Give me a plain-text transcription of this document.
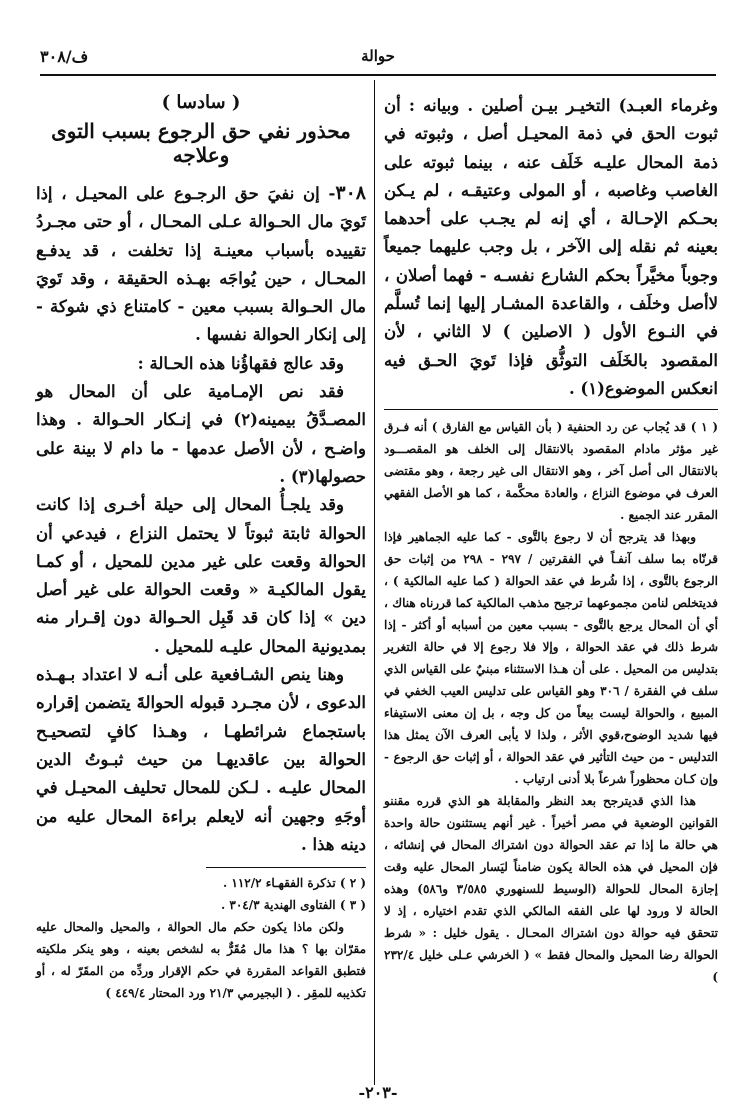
ف/٣٠٨	حوالة

وغرماء العبـد) التخيـر بيـن أصلين . وبيانه : أن ثبوت الحق في ذمة المحيـل أصل ، وثبوته في ذمة المحال عليـه خَلَف عنه ، بينما ثبوته على الغاصب وغاصبه ، أو المولى وعتيقـه ، لم يـكن بحـكم الإحـالة ، أي إنه لم يجـب على أحدهما بعينه ثم نقله إلى الآخر ، بل وجب عليهما جميعاً وجوباً مخيَّراً بحكم الشارع نفسـه - فهما أصلان ، لاأصل وخلَف ، والقاعدة المشـار إليها إنما تُسلَّم في النـوع الأول ( الاصلين ) لا الثاني ، لأن المقصود بالخَلَف التوثُّق فإذا تَويَ الحـق فيه انعكس الموضوع(١) .

( ١ ) قد يُجاب عن رد الحنفية ( بأن القياس مع الفارق ) أنه فـرق غير مؤثر مادام المقصود بالانتقال إلى الخلف هو المقصـــود بالانتقال الى أصل آخر ، وهو الانتقال الى غير رجعة ، وهو مقتضى العرف في موضوع النزاع ، والعادة محكَّمة ، كما هو الأصل الفقهي المقرر عند الجميع .

وبهذا قد يترجح أن لا رجوع بالتَّوى - كما عليه الجماهير فإذا قرنّاه بما سلف آنفـاً في الفقرتين / ٢٩٧ - ٢٩٨ من إثبات حق الرجوع بالتَّوى ، إذا شُرط في عقد الحوالة ( كما عليه المالكية ) ، فديتخلص لنامن مجموعهما ترجيح مذهب المالكية كما قررناه هناك ، أي أن المحال يرجع بالتَّوى - بسبب معين من أسبابه أو أكثر - إذا شرط ذلك في عقد الحوالة ، وإلا فلا رجوع إلا في حالة التغرير بتدليس من المحيل . على أن هـذا الاستثناء مبنيٌ على القياس الذي سلف في الفقرة / ٣٠٦ وهو القياس على تدليس العيب الخفي في المبيع ، والحوالة ليست بيعاً من كل وجه ، بل إن معنى الاستيفاء فيها شديد الوضوح،قوي الأثر ، ولذا لا يأبى العرف الآن يمثل هذا التدليس - من حيث التأثير في عقد الحوالة ، أو إثبات حق الرجوع - وإن كـان محظوراً شرعاً بلا أدنى ارتياب .

هذا الذي قديترجح بعد النظر والمقابلة هو الذي قرره مقننو القوانين الوضعية في مصر أخيراً . غير أنهم يستثنون حالة واحدة هي حالة ما إذا تم عقد الحوالة دون اشتراك المحال في إنشائه ، فإن المحيل في هذه الحالة يكون ضامناً ليَسار المحال عليه وقت إجازة المحال للحوالة (الوسيط للسنهوري ٣/٥٨٥ و٥٨٦) وهذه الحالة لا ورود لها على الفقه المالكي الذي تقدم اختياره ، إذ لا تتحقق فيه حوالة دون اشتراك المحـال . يقول خليل : « شرط الحوالة رضا المحيل والمحال فقط » ( الخرشي عـلى خليل ٢٣٢/٤ )

( سادسا )
محذور نفي حق الرجوع بسبب التوى وعلاجه

٣٠٨- إن نفيَ حق الرجـوع على المحيـل ، إذا تَويَ مال الحـوالة عـلى المحـال ، أو حتى مجـردُ تقييده بأسباب معينـة إذا تخلفت ، قد يدفـع المحـال ، حين يُواجَه بهـذه الحقيقة ، وقد تَويَ مال الحـوالة بسبب معين - كامتناع ذي شوكة - إلى إنكار الحوالة نفسها .

وقد عالج فقهاؤُنا هذه الحـالة :

فقد نص الإمـامية على أن المحال هو المصـدَّقُ بيمينه(٢) في إنـكار الحـوالة . وهذا واضـح ، لأن الأصل عدمها - ما دام لا بينة على حصولها(٣) .

وقد يلجـأُ المحال إلى حيلة أخـرى إذا كانت الحوالة ثابتة ثبوتاً لا يحتمل النزاع ، فيدعي أن الحوالة وقعت على غير مدين للمحيل ، أو كمـا يقول المالكيـة « وقعت الحوالة على غير أصل دين » إذا كان قد قَبِل الحـوالة دون إقـرار منه بمديونية المحال عليـه للمحيل .

وهنا ينص الشـافعية على أنـه لا اعتداد بـهـذه الدعوى ، لأن مجـرد قبوله الحوالةَ يتضمن إقراره باستجماع شرائطهـا ، وهـذا كافٍ لتصحيـح الحوالة بين عاقديهـا من حيث ثبـوتُ الدين المحال عليـه . لـكن للمحال تحليف المحيـل في أوجَهِ وجهين أنه لايعلم براءة المحال عليه من دينه هذا .

( ٢ ) تذكرة الفقهـاء ١١٢/٢ .

( ٣ ) الفتاوى الهندية ٣٠٤/٣ .

ولكن ماذا يكون حكم مال الحوالة ، والمحيل والمحال عليه مقرّان بها ؟ هذا مال مُقَرٌّ به لشخص بعينه ، وهو ينكر ملكيته فتطبق القواعد المقررة في حكم الإقرار وردِّه من المقَرّ له ، أو تكذيبه للمقِر . ( البجيرمي ٢١/٣ ورد المحتار ٤٤٩/٤ )

-٢٠٣-
